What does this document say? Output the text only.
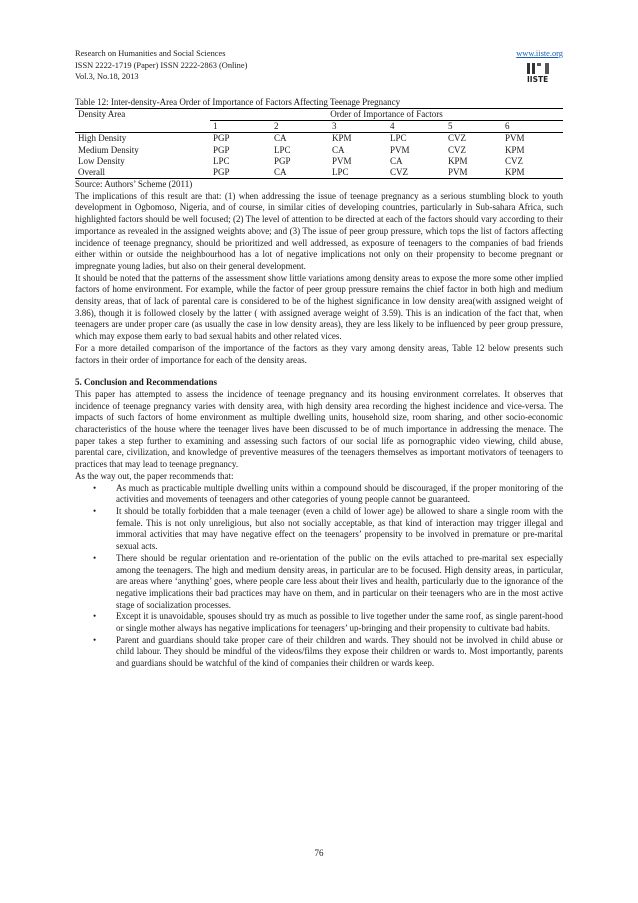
Research on Humanities and Social Sciences
ISSN 2222-1719 (Paper) ISSN 2222-2863 (Online)
Vol.3, No.18, 2013
www.iiste.org
IISTE
Table 12: Inter-density-Area Order of Importance of Factors Affecting Teenage Pregnancy
Density Area	Order of Importance of Factors					
	1	2	3	4	5	6
High Density	PGP	CA	KPM	LPC	CVZ	PVM
Medium Density	PGP	LPC	CA	PVM	CVZ	KPM
Low Density	LPC	PGP	PVM	CA	KPM	CVZ
Overall	PGP	CA	LPC	CVZ	PVM	KPM
Source: Authors’ Scheme (2011)

The implications of this result are that: (1) when addressing the issue of teenage pregnancy as a serious stumbling block to youth development in Ogbomoso, Nigeria, and of course, in similar cities of developing countries, particularly in Sub-sahara Africa, such highlighted factors should be well focused; (2) The level of attention to be directed at each of the factors should vary according to their importance as revealed in the assigned weights above; and (3) The issue of peer group pressure, which tops the list of factors affecting incidence of teenage pregnancy, should be prioritized and well addressed, as exposure of teenagers to the companies of bad friends either within or outside the neighbourhood has a lot of negative implications not only on their propensity to become pregnant or impregnate young ladies, but also on their general development.

It should be noted that the patterns of the assessment show little variations among density areas to expose the more some other implied factors of home environment. For example, while the factor of peer group pressure remains the chief factor in both high and medium density areas, that of lack of parental care is considered to be of the highest significance in low density area(with assigned weight of 3.86), though it is followed closely by the latter ( with assigned average weight of 3.59). This is an indication of the fact that, when teenagers are under proper care (as usually the case in low density areas), they are less likely to be influenced by peer group pressure, which may expose them early to bad sexual habits and other related vices.

For a more detailed comparison of the importance of the factors as they vary among density areas, Table 12 below presents such factors in their order of importance for each of the density areas.

5. Conclusion and Recommendations

This paper has attempted to assess the incidence of teenage pregnancy and its housing environment correlates. It observes that incidence of teenage pregnancy varies with density area, with high density area recording the highest incidence and vice-versa. The impacts of such factors of home environment as multiple dwelling units, household size, room sharing, and other socio-economic characteristics of the house where the teenager lives have been discussed to be of much importance in addressing the menace. The paper takes a step further to examining and assessing such factors of our social life as pornographic video viewing, child abuse, parental care, civilization, and knowledge of preventive measures of the teenagers themselves as important motivators of teenagers to practices that may lead to teenage pregnancy.

As the way out, the paper recommends that:

• As much as practicable multiple dwelling units within a compound should be discouraged, if the proper monitoring of the activities and movements of teenagers and other categories of young people cannot be guaranteed.
• It should be totally forbidden that a male teenager (even a child of lower age) be allowed to share a single room with the female. This is not only unreligious, but also not socially acceptable, as that kind of interaction may trigger illegal and immoral activities that may have negative effect on the teenagers’ propensity to be involved in premature or pre-marital sexual acts.
• There should be regular orientation and re-orientation of the public on the evils attached to pre-marital sex especially among the teenagers. The high and medium density areas, in particular are to be focused. High density areas, in particular, are areas where ‘anything’ goes, where people care less about their lives and health, particularly due to the ignorance of the negative implications their bad practices may have on them, and in particular on their teenagers who are in the most active stage of socialization processes.
• Except it is unavoidable, spouses should try as much as possible to live together under the same roof, as single parent-hood or single mother always has negative implications for teenagers’ up-bringing and their propensity to cultivate bad habits.
• Parent and guardians should take proper care of their children and wards. They should not be involved in child abuse or child labour. They should be mindful of the videos/films they expose their children or wards to. Most importantly, parents and guardians should be watchful of the kind of companies their children or wards keep.
76
